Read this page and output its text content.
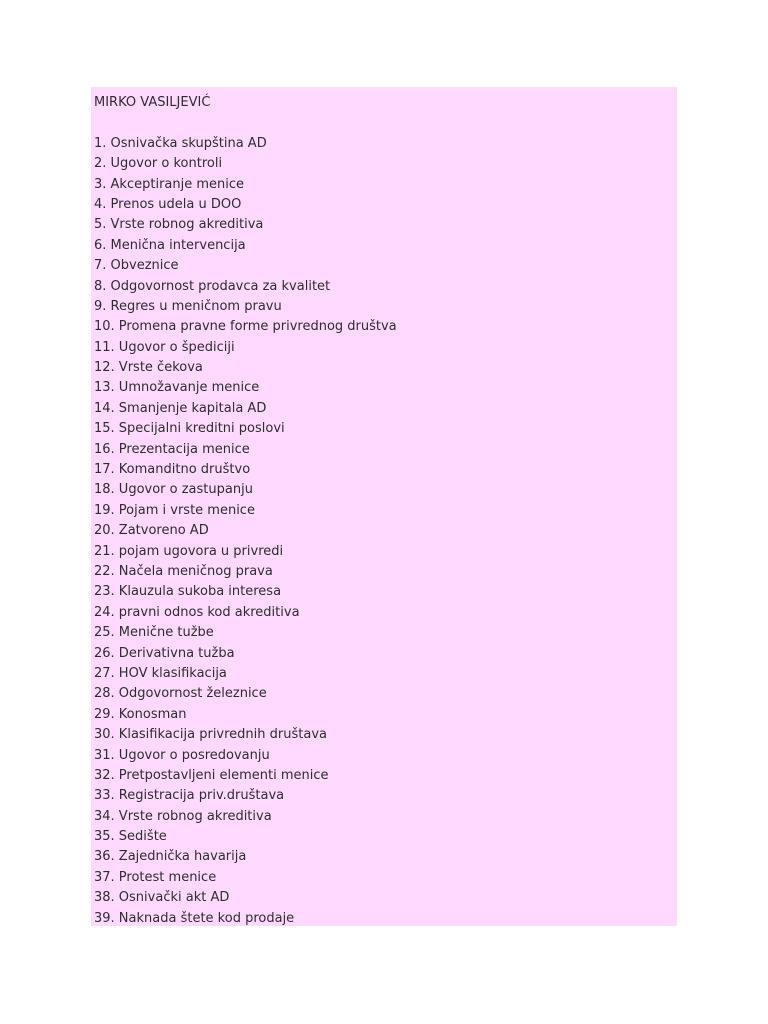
MIRKO VASILJEVIĆ
1. Osnivačka skupština AD
2. Ugovor o kontroli
3. Akceptiranje menice
4. Prenos udela u DOO
5. Vrste robnog akreditiva
6. Menična intervencija
7. Obveznice
8. Odgovornost prodavca za kvalitet
9. Regres u meničnom pravu
10. Promena pravne forme privrednog društva
11. Ugovor o špediciji
12. Vrste čekova
13. Umnožavanje menice
14. Smanjenje kapitala AD
15. Specijalni kreditni poslovi
16. Prezentacija menice
17. Komanditno društvo
18. Ugovor o zastupanju
19. Pojam i vrste menice
20. Zatvoreno AD
21. pojam ugovora u privredi
22. Načela meničnog prava
23. Klauzula sukoba interesa
24. pravni odnos kod akreditiva
25. Menične tužbe
26. Derivativna tužba
27. HOV klasifikacija
28. Odgovornost železnice
29. Konosman
30. Klasifikacija privrednih društava
31. Ugovor o posredovanju
32. Pretpostavljeni elementi menice
33. Registracija priv.društava
34. Vrste robnog akreditiva
35. Sedište
36. Zajednička havarija
37. Protest menice
38. Osnivački akt AD
39. Naknada štete kod prodaje
